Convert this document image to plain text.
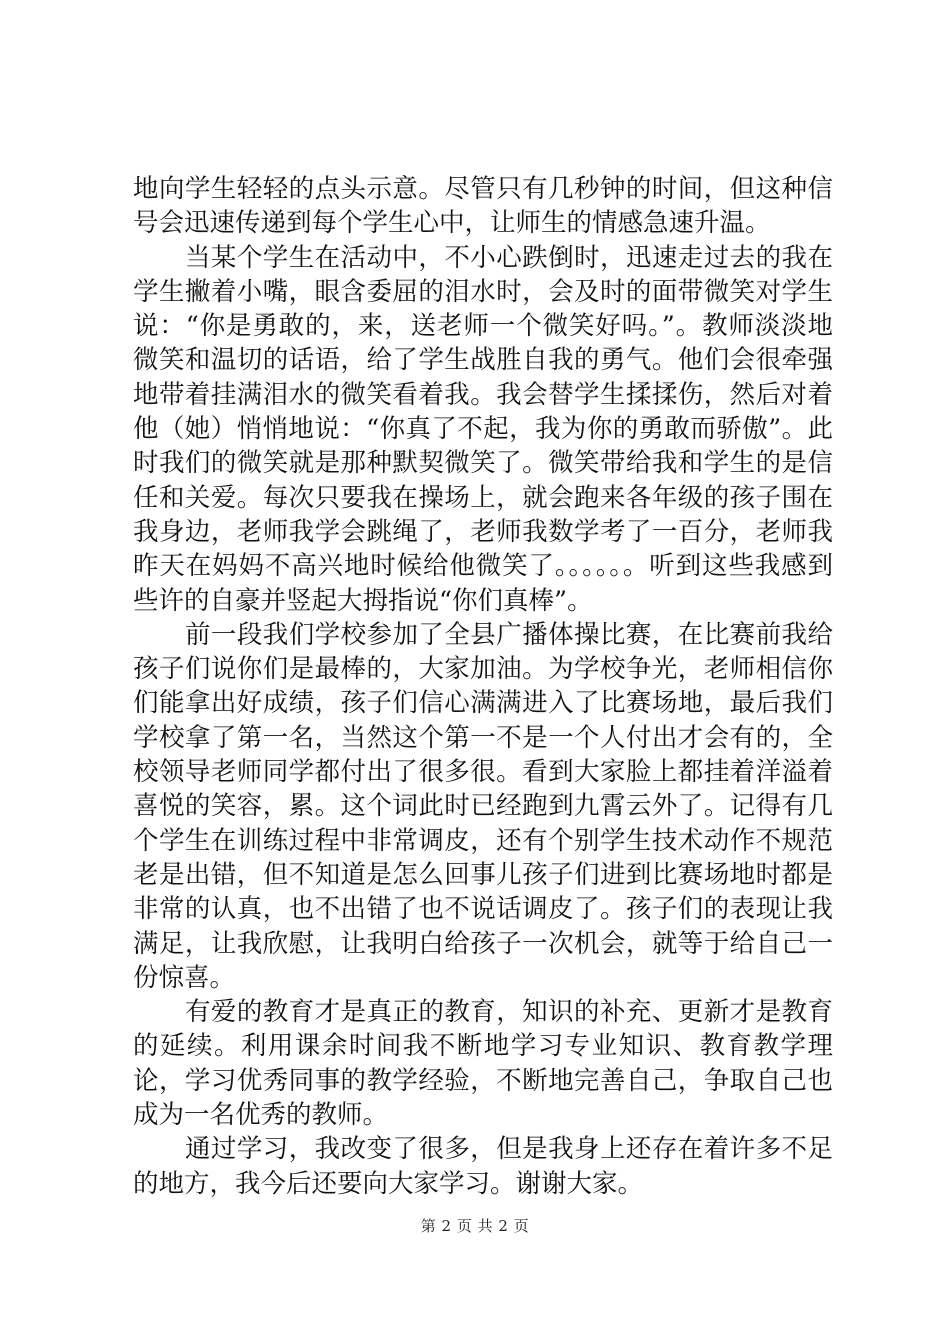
地向学生轻轻的点头示意。尽管只有几秒钟的时间，但这种信号会迅速传递到每个学生心中，让师生的情感急速升温。

当某个学生在活动中，不小心跌倒时，迅速走过去的我在学生撇着小嘴，眼含委屈的泪水时，会及时的面带微笑对学生说：“你是勇敢的，来，送老师一个微笑好吗。”。教师淡淡地微笑和温切的话语，给了学生战胜自我的勇气。他们会很牵强地带着挂满泪水的微笑看着我。我会替学生揉揉伤，然后对着他（她）悄悄地说：“你真了不起，我为你的勇敢而骄傲”。此时我们的微笑就是那种默契微笑了。微笑带给我和学生的是信任和关爱。每次只要我在操场上，就会跑来各年级的孩子围在我身边，老师我学会跳绳了，老师我数学考了一百分，老师我昨天在妈妈不高兴地时候给他微笑了。。。。。。听到这些我感到些许的自豪并竖起大拇指说“你们真棒”。

前一段我们学校参加了全县广播体操比赛，在比赛前我给孩子们说你们是最棒的，大家加油。为学校争光，老师相信你们能拿出好成绩，孩子们信心满满进入了比赛场地，最后我们学校拿了第一名，当然这个第一不是一个人付出才会有的，全校领导老师同学都付出了很多很。看到大家脸上都挂着洋溢着喜悦的笑容，累。这个词此时已经跑到九霄云外了。记得有几个学生在训练过程中非常调皮，还有个别学生技术动作不规范老是出错，但不知道是怎么回事儿孩子们进到比赛场地时都是非常的认真，也不出错了也不说话调皮了。孩子们的表现让我满足，让我欣慰，让我明白给孩子一次机会，就等于给自己一份惊喜。

有爱的教育才是真正的教育，知识的补充、更新才是教育的延续。利用课余时间我不断地学习专业知识、教育教学理论，学习优秀同事的教学经验，不断地完善自己，争取自己也成为一名优秀的教师。

通过学习，我改变了很多，但是我身上还存在着许多不足的地方，我今后还要向大家学习。谢谢大家。

第 2 页 共 2 页
